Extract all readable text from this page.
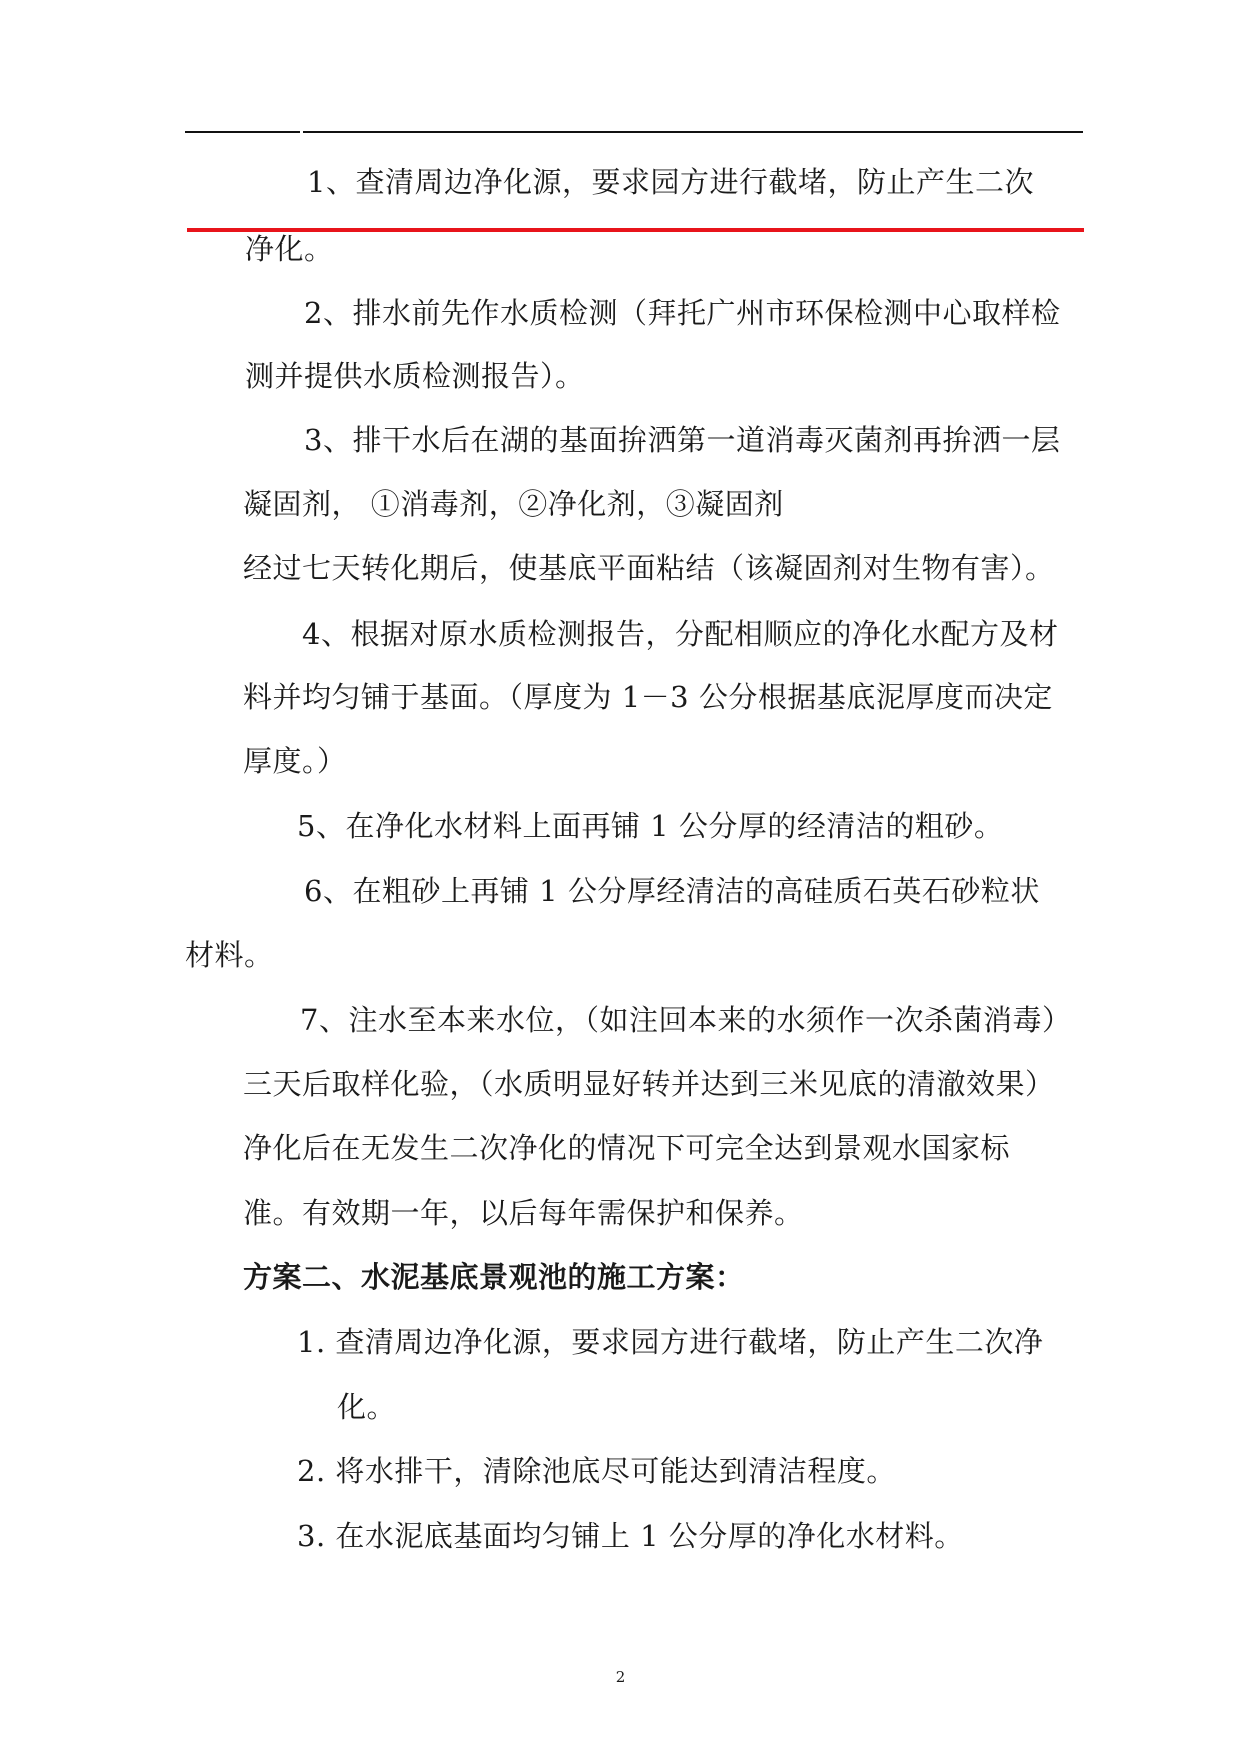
1、查清周边净化源，要求园方进行截堵，防止产生二次
净化。
2、排水前先作水质检测（拜托广州市环保检测中心取样检
测并提供水质检测报告）。
3、排干水后在湖的基面拚洒第一道消毒灭菌剂再拚洒一层
凝固剂， ①消毒剂，②净化剂，③凝固剂
经过七天转化期后，使基底平面粘结（该凝固剂对生物有害）。
4、根据对原水质检测报告，分配相顺应的净化水配方及材
料并均匀铺于基面。（厚度为 1－3 公分根据基底泥厚度而决定
厚度。）
5、在净化水材料上面再铺 1 公分厚的经清洁的粗砂。
6、在粗砂上再铺 1 公分厚经清洁的高硅质石英石砂粒状
材料。
7、注水至本来水位，（如注回本来的水须作一次杀菌消毒）
三天后取样化验，（水质明显好转并达到三米见底的清澈效果）
净化后在无发生二次净化的情况下可完全达到景观水国家标
准。有效期一年，以后每年需保护和保养。
方案二、水泥基底景观池的施工方案：
1. 查清周边净化源，要求园方进行截堵，防止产生二次净
化。
2. 将水排干，清除池底尽可能达到清洁程度。
3. 在水泥底基面均匀铺上 1 公分厚的净化水材料。
2
